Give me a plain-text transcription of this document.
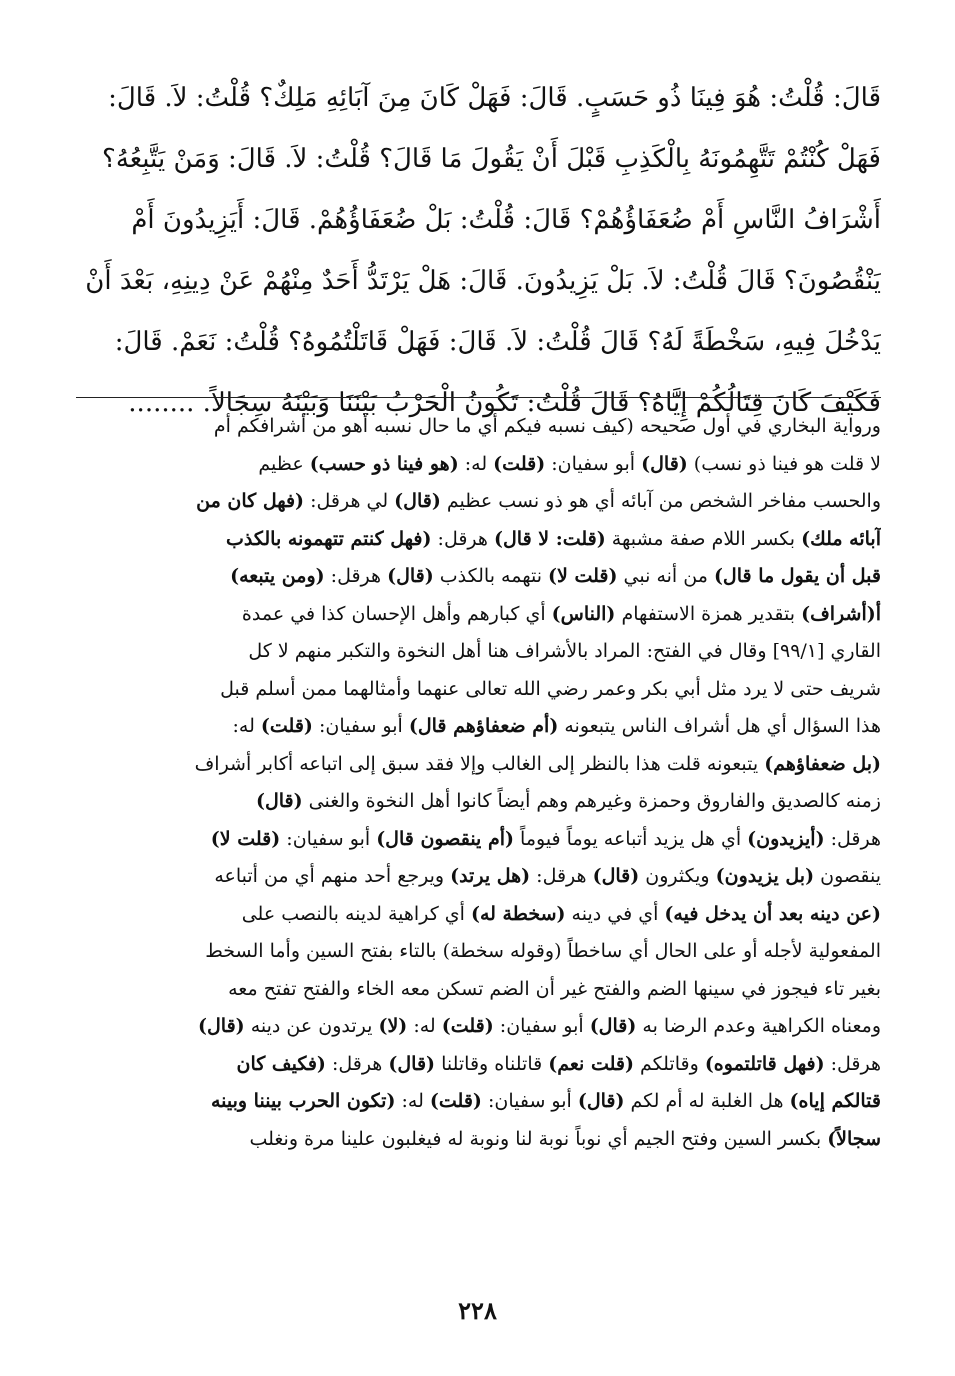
قَالَ: قُلْتُ: هُوَ فِينَا ذُو حَسَبٍ. قَالَ: فَهَلْ كَانَ مِنَ آبَائِهِ مَلِكٌ؟ قُلْتُ: لاَ. قَالَ:
فَهَلْ كُنْتُمْ تَتَّهِمُونَهُ بِالْكَذِبِ قَبْلَ أَنْ يَقُولَ مَا قَالَ؟ قُلْتُ: لاَ. قَالَ: وَمَنْ يَتَّبِعُهُ؟
أَشْرَافُ النَّاسِ أَمْ ضُعَفَاؤُهُمْ؟ قَالَ: قُلْتُ: بَلْ ضُعَفَاؤُهُمْ. قَالَ: أَيَزِيدُونَ أَمْ
يَنْقُصُونَ؟ قَالَ قُلْتُ: لاَ. بَلْ يَزِيدُونَ. قَالَ: هَلْ يَرْتَدُّ أَحَدٌ مِنْهُمْ عَنْ دِينِهِ، بَعْدَ أَنْ
يَدْخُلَ فِيهِ، سَخْطَةً لَهُ؟ قَالَ قُلْتُ: لاَ. قَالَ: فَهَلْ قَاتَلْتُمُوهُ؟ قُلْتُ: نَعَمْ. قَالَ:
فَكَيْفَ كَانَ قِتَالُكُمْ إِيَّاهُ؟ قَالَ قُلْتُ: تَكُونُ الْحَرْبُ بَيْنَنَا وَبَيْنَهُ سِجَالاً. ........
ورواية البخاري في أول صحيحه (كيف نسبه فيكم أي ما حال نسبه أهو من أشرافكم أم
لا قلت هو فينا ذو نسب) (قال) أبو سفيان: (قلت) له: (هو فينا ذو حسب) عظيم
والحسب مفاخر الشخص من آبائه أي هو ذو نسب عظيم (قال) لي هرقل: (فهل كان من
آبائه ملك) بكسر اللام صفة مشبهة (قلت: لا قال) هرقل: (فهل كنتم تتهمونه بالكذب
قبل أن يقول ما قال) من أنه نبي (قلت لا) نتهمه بالكذب (قال) هرقل: (ومن يتبعه)
أ(أشراف) بتقدير همزة الاستفهام (الناس) أي كبارهم وأهل الإحسان كذا في عمدة
القاري [٩٩/١] وقال في الفتح: المراد بالأشراف هنا أهل النخوة والتكبر منهم لا كل
شريف حتى لا يرد مثل أبي بكر وعمر رضي الله تعالى عنهما وأمثالهما ممن أسلم قبل
هذا السؤال أي هل أشراف الناس يتبعونه (أم ضعفاؤهم قال) أبو سفيان: (قلت) له:
(بل ضعفاؤهم) يتبعونه قلت هذا بالنظر إلى الغالب وإلا فقد سبق إلى اتباعه أكابر أشراف
زمنه كالصديق والفاروق وحمزة وغيرهم وهم أيضاً كانوا أهل النخوة والغنى (قال)
هرقل: (أيزيدون) أي هل يزيد أتباعه يوماً فيوماً (أم ينقصون قال) أبو سفيان: (قلت لا)
ينقصون (بل يزيدون) ويكثرون (قال) هرقل: (هل يرتد) ويرجع أحد منهم أي من أتباعه
(عن دينه بعد أن يدخل فيه) أي في دينه (سخطة له) أي كراهية لدينه بالنصب على
المفعولية لأجله أو على الحال أي ساخطاً (وقوله سخطة) بالتاء بفتح السين وأما السخط
بغير تاء فيجوز في سينها الضم والفتح غير أن الضم تسكن معه الخاء والفتح تفتح معه
ومعناه الكراهية وعدم الرضا به (قال) أبو سفيان: (قلت) له: (لا) يرتدون عن دينه (قال)
هرقل: (فهل قاتلتموه) وقاتلكم (قلت نعم) قاتلناه وقاتلنا (قال) هرقل: (فكيف كان
قتالكم إياه) هل الغلبة له أم لكم (قال) أبو سفيان: (قلت) له: (تكون الحرب بيننا وبينه
سجالاً) بكسر السين وفتح الجيم أي نوباً نوبة لنا ونوبة له فيغلبون علينا مرة ونغلب
٢٢٨
